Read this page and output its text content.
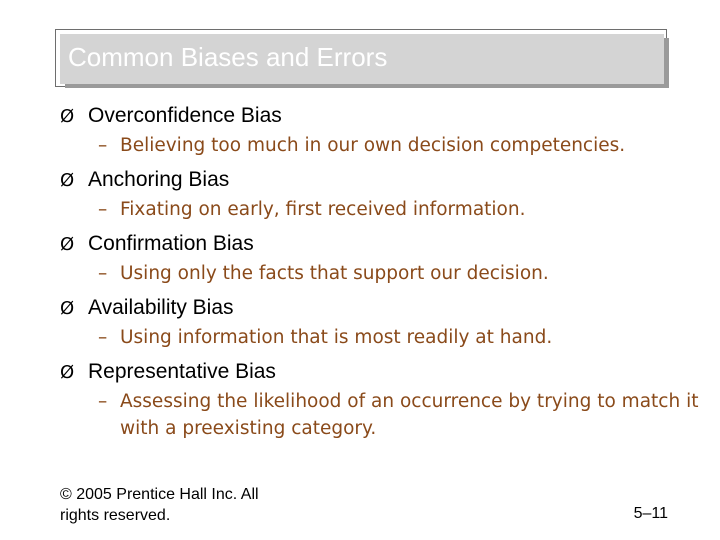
Common Biases and Errors
Ø Overconfidence Bias
– Believing too much in our own decision competencies.
Ø Anchoring Bias
– Fixating on early, first received information.
Ø Confirmation Bias
– Using only the facts that support our decision.
Ø Availability Bias
– Using information that is most readily at hand.
Ø Representative Bias
– Assessing the likelihood of an occurrence by trying to match it with a preexisting category.
© 2005 Prentice Hall Inc. All rights reserved.	5–11
